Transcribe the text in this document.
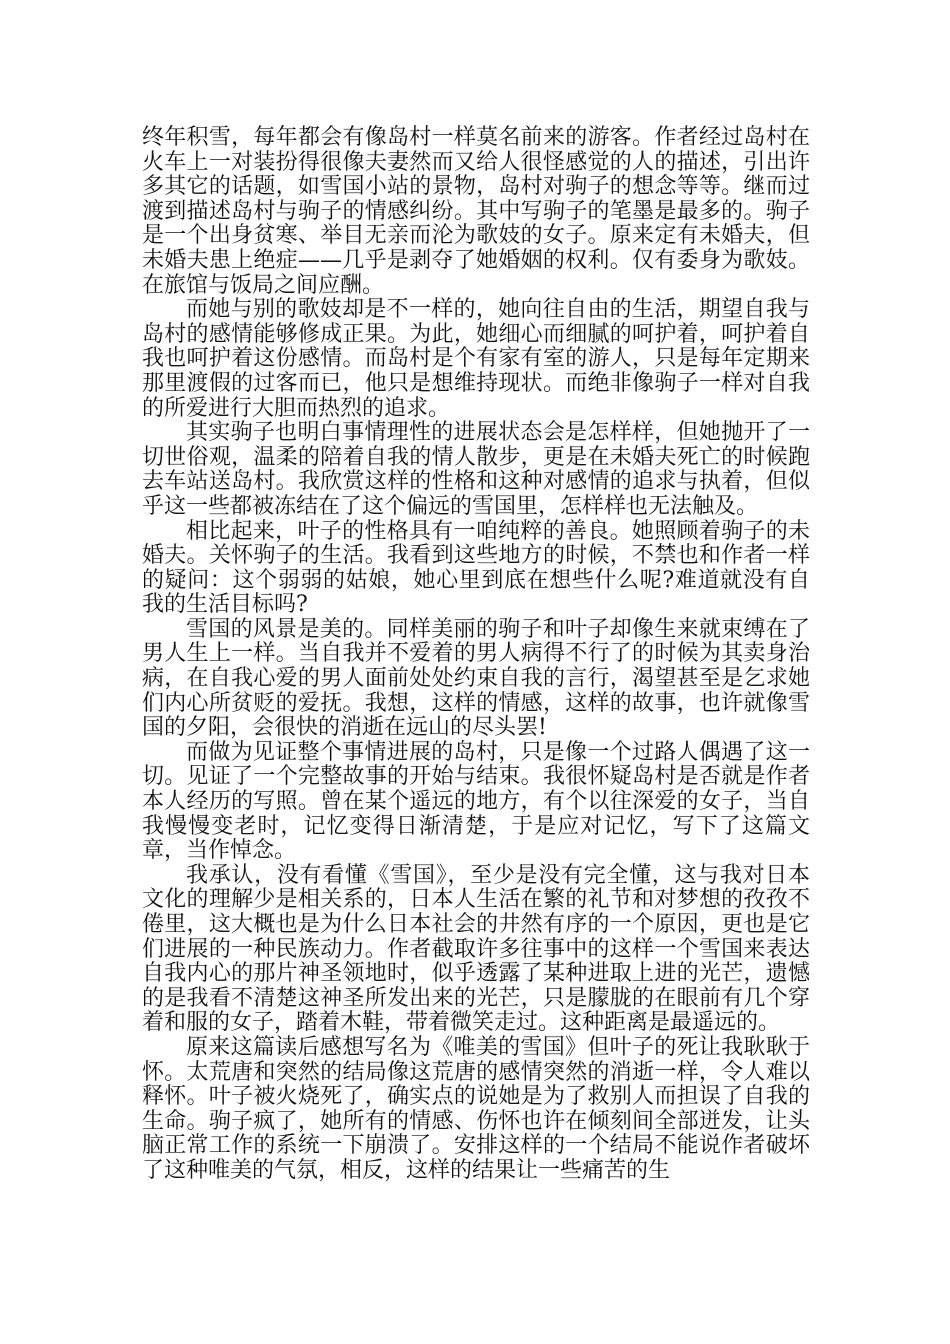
终年积雪，每年都会有像岛村一样莫名前来的游客。作者经过岛村在火车上一对装扮得很像夫妻然而又给人很怪感觉的人的描述，引出许多其它的话题，如雪国小站的景物，岛村对驹子的想念等等。继而过渡到描述岛村与驹子的情感纠纷。其中写驹子的笔墨是最多的。驹子是一个出身贫寒、举目无亲而沦为歌妓的女子。原来定有未婚夫，但未婚夫患上绝症——几乎是剥夺了她婚姻的权利。仅有委身为歌妓。在旅馆与饭局之间应酬。

而她与别的歌妓却是不一样的，她向往自由的生活，期望自我与岛村的感情能够修成正果。为此，她细心而细腻的呵护着，呵护着自我也呵护着这份感情。而岛村是个有家有室的游人，只是每年定期来那里渡假的过客而已，他只是想维持现状。而绝非像驹子一样对自我的所爱进行大胆而热烈的追求。

其实驹子也明白事情理性的进展状态会是怎样样，但她抛开了一切世俗观，温柔的陪着自我的情人散步，更是在未婚夫死亡的时候跑去车站送岛村。我欣赏这样的性格和这种对感情的追求与执着，但似乎这一些都被冻结在了这个偏远的雪国里，怎样样也无法触及。

相比起来，叶子的性格具有一咱纯粹的善良。她照顾着驹子的未婚夫。关怀驹子的生活。我看到这些地方的时候，不禁也和作者一样的疑问：这个弱弱的姑娘，她心里到底在想些什么呢?难道就没有自我的生活目标吗?

雪国的风景是美的。同样美丽的驹子和叶子却像生来就束缚在了男人生上一样。当自我并不爱着的男人病得不行了的时候为其卖身治病，在自我心爱的男人面前处处约束自我的言行，渴望甚至是乞求她们内心所贫贬的爱抚。我想，这样的情感，这样的故事，也许就像雪国的夕阳，会很快的消逝在远山的尽头罢!

而做为见证整个事情进展的岛村，只是像一个过路人偶遇了这一切。见证了一个完整故事的开始与结束。我很怀疑岛村是否就是作者本人经历的写照。曾在某个遥远的地方，有个以往深爱的女子，当自我慢慢变老时，记忆变得日渐清楚，于是应对记忆，写下了这篇文章，当作悼念。

我承认，没有看懂《雪国》，至少是没有完全懂，这与我对日本文化的理解少是相关系的，日本人生活在繁的礼节和对梦想的孜孜不倦里，这大概也是为什么日本社会的井然有序的一个原因，更也是它们进展的一种民族动力。作者截取许多往事中的这样一个雪国来表达自我内心的那片神圣领地时，似乎透露了某种进取上进的光芒，遗憾的是我看不清楚这神圣所发出来的光芒，只是朦胧的在眼前有几个穿着和服的女子，踏着木鞋，带着微笑走过。这种距离是最遥远的。

原来这篇读后感想写名为《唯美的雪国》但叶子的死让我耿耿于怀。太荒唐和突然的结局像这荒唐的感情突然的消逝一样，令人难以释怀。叶子被火烧死了，确实点的说她是为了救别人而担误了自我的生命。驹子疯了，她所有的情感、伤怀也许在倾刻间全部迸发，让头脑正常工作的系统一下崩溃了。安排这样的一个结局不能说作者破坏了这种唯美的气氛，相反，这样的结果让一些痛苦的生
